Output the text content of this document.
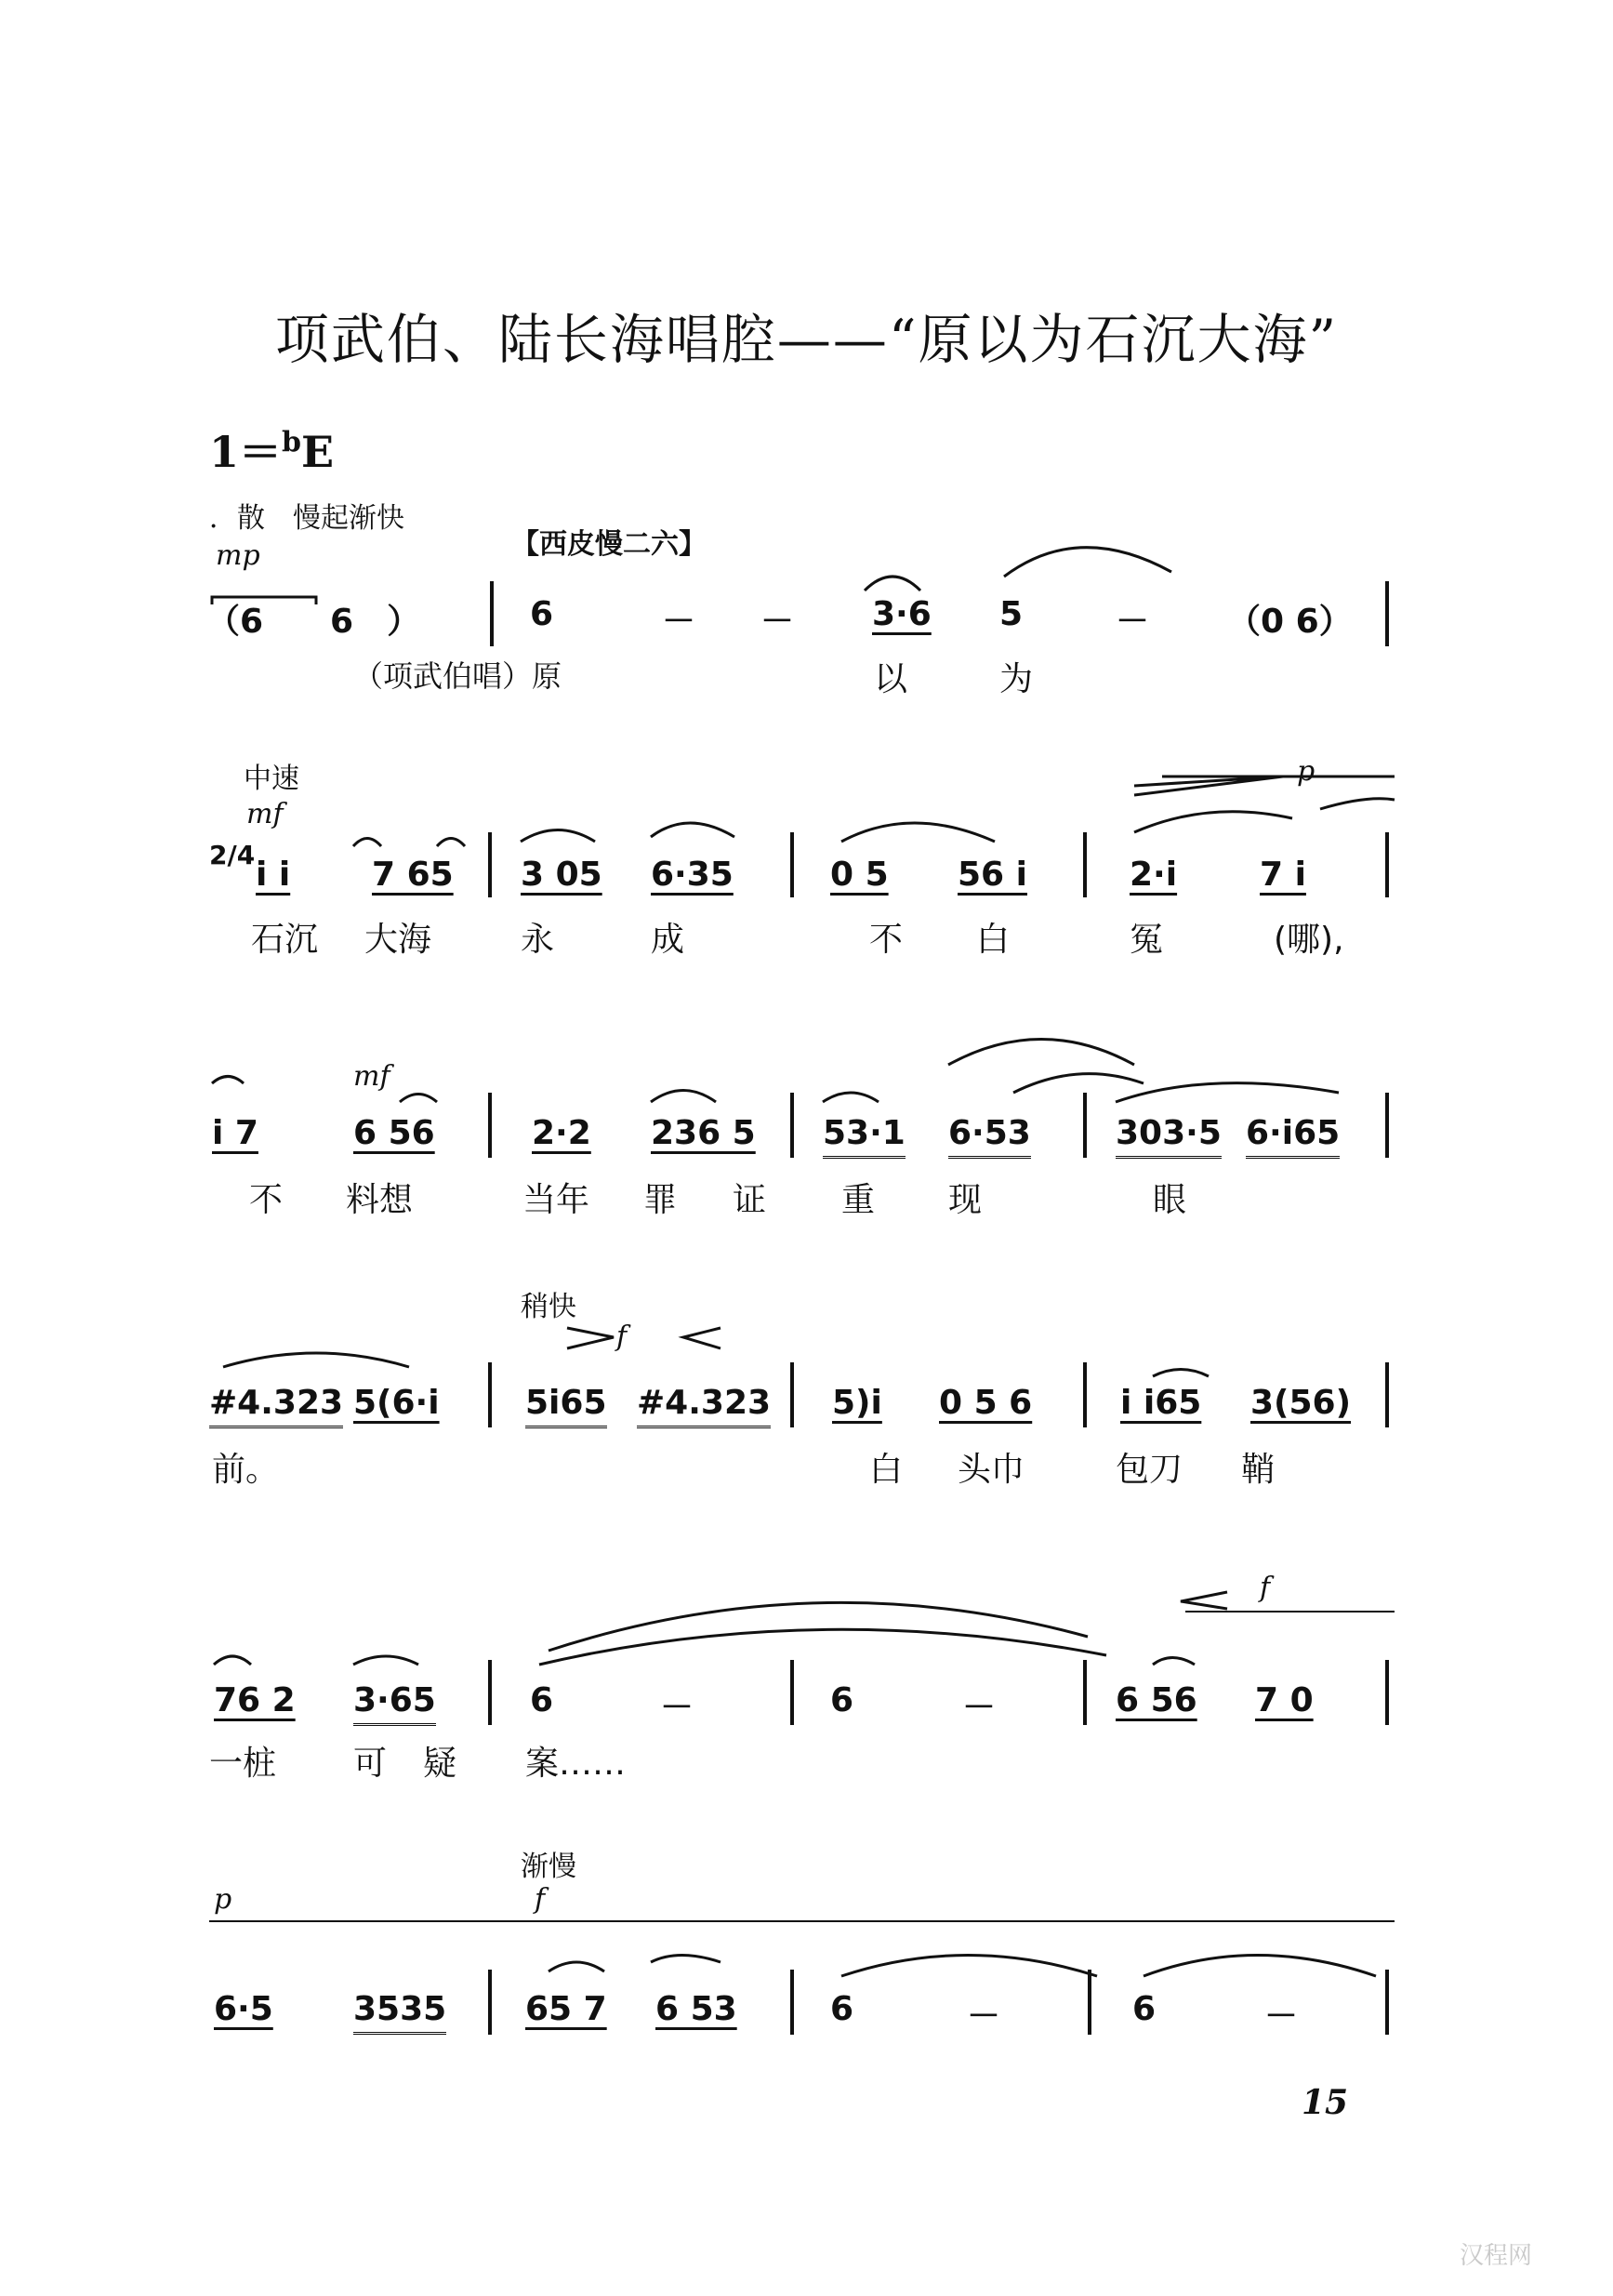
项武伯、陆长海唱腔——“原以为石沉大海”
1＝$^b$E
．散　慢起渐快
mp	【西皮慢二六】
（6　　6　）	6	－ － 3·6 5	－ （0 6）
（项武伯唱）原	以	为
中速
mf
p
2/4
i i 7 65 3 05 6·35	0 5 56 i	2·i 7 i
石沉 大海	永	成	不 白	冤	(哪),
mf
i 7	6 56	2·2 236 5 53·1 6·53	303·5 6·i65
不 料想	当年 罪 证 重 现	眼
稍快
f
#4.323 5(6·i	5i65 #4.323 5)i 0 5 6	i i65 3(56)
前。	白 头巾	包刀 鞘
f
76 2 3·65	6	－	6	－	6 56 7 0
一桩 可 疑 案……
渐慢
p	f
6·5 3535 65 7 6 53	6	－	6	－
15
汉程网
